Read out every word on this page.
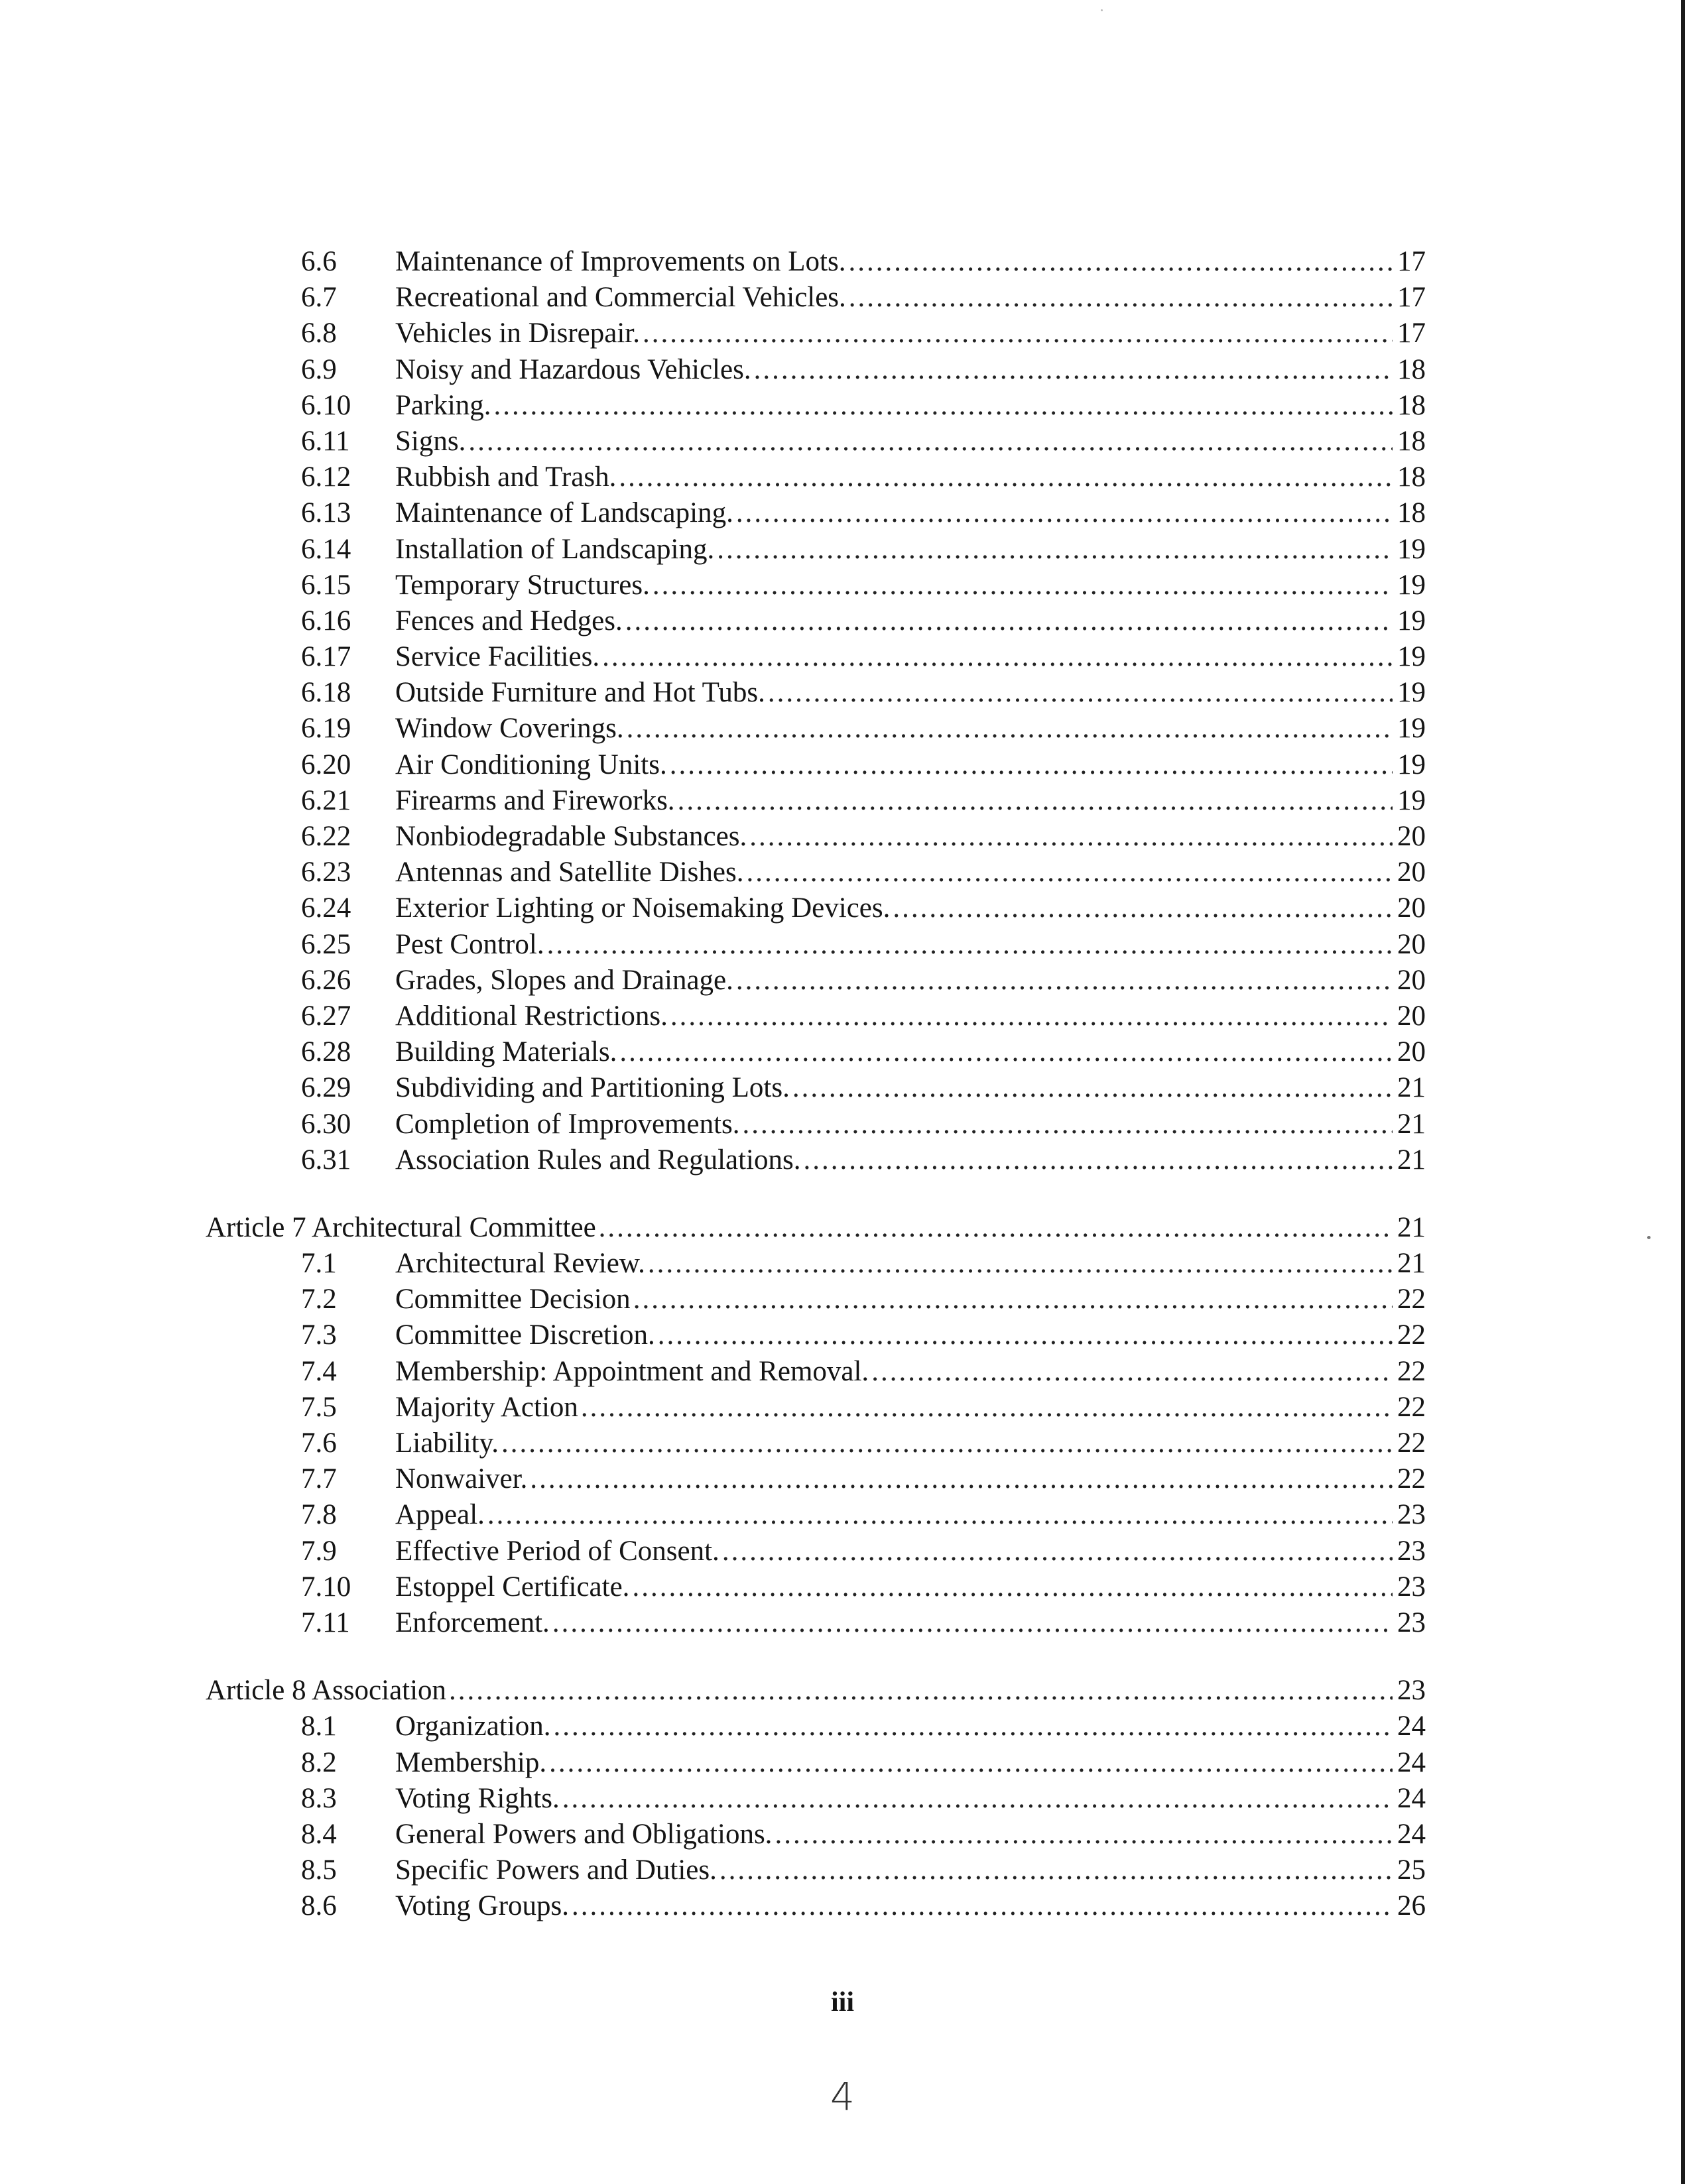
6.6 Maintenance of Improvements on Lots. .....	17
6.7 Recreational and Commercial Vehicles. .....	17
6.8 Vehicles in Disrepair. .....	17
6.9 Noisy and Hazardous Vehicles. .....	18
6.10 Parking. .....	18
6.11 Signs. .....	18
6.12 Rubbish and Trash. .....	18
6.13 Maintenance of Landscaping. .....	18
6.14 Installation of Landscaping. .....	19
6.15 Temporary Structures. .....	19
6.16 Fences and Hedges. .....	19
6.17 Service Facilities. .....	19
6.18 Outside Furniture and Hot Tubs. .....	19
6.19 Window Coverings. .....	19
6.20 Air Conditioning Units. .....	19
6.21 Firearms and Fireworks. .....	19
6.22 Nonbiodegradable Substances. .....	20
6.23 Antennas and Satellite Dishes. .....	20
6.24 Exterior Lighting or Noisemaking Devices. .....	20
6.25 Pest Control. .....	20
6.26 Grades, Slopes and Drainage. .....	20
6.27 Additional Restrictions. .....	20
6.28 Building Materials. .....	20
6.29 Subdividing and Partitioning Lots. .....	21
6.30 Completion of Improvements. .....	21
6.31 Association Rules and Regulations. .....	21
Article 7 Architectural Committee .....	21
7.1 Architectural Review. .....	21
7.2 Committee Decision .....	22
7.3 Committee Discretion. .....	22
7.4 Membership: Appointment and Removal. .....	22
7.5 Majority Action .....	22
7.6 Liability. .....	22
7.7 Nonwaiver. .....	22
7.8 Appeal. .....	23
7.9 Effective Period of Consent. .....	23
7.10 Estoppel Certificate. .....	23
7.11 Enforcement. .....	23
Article 8 Association .....	23
8.1 Organization. .....	24
8.2 Membership. .....	24
8.3 Voting Rights. .....	24
8.4 General Powers and Obligations. .....	24
8.5 Specific Powers and Duties. .....	25
8.6 Voting Groups. .....	26
iii
4
